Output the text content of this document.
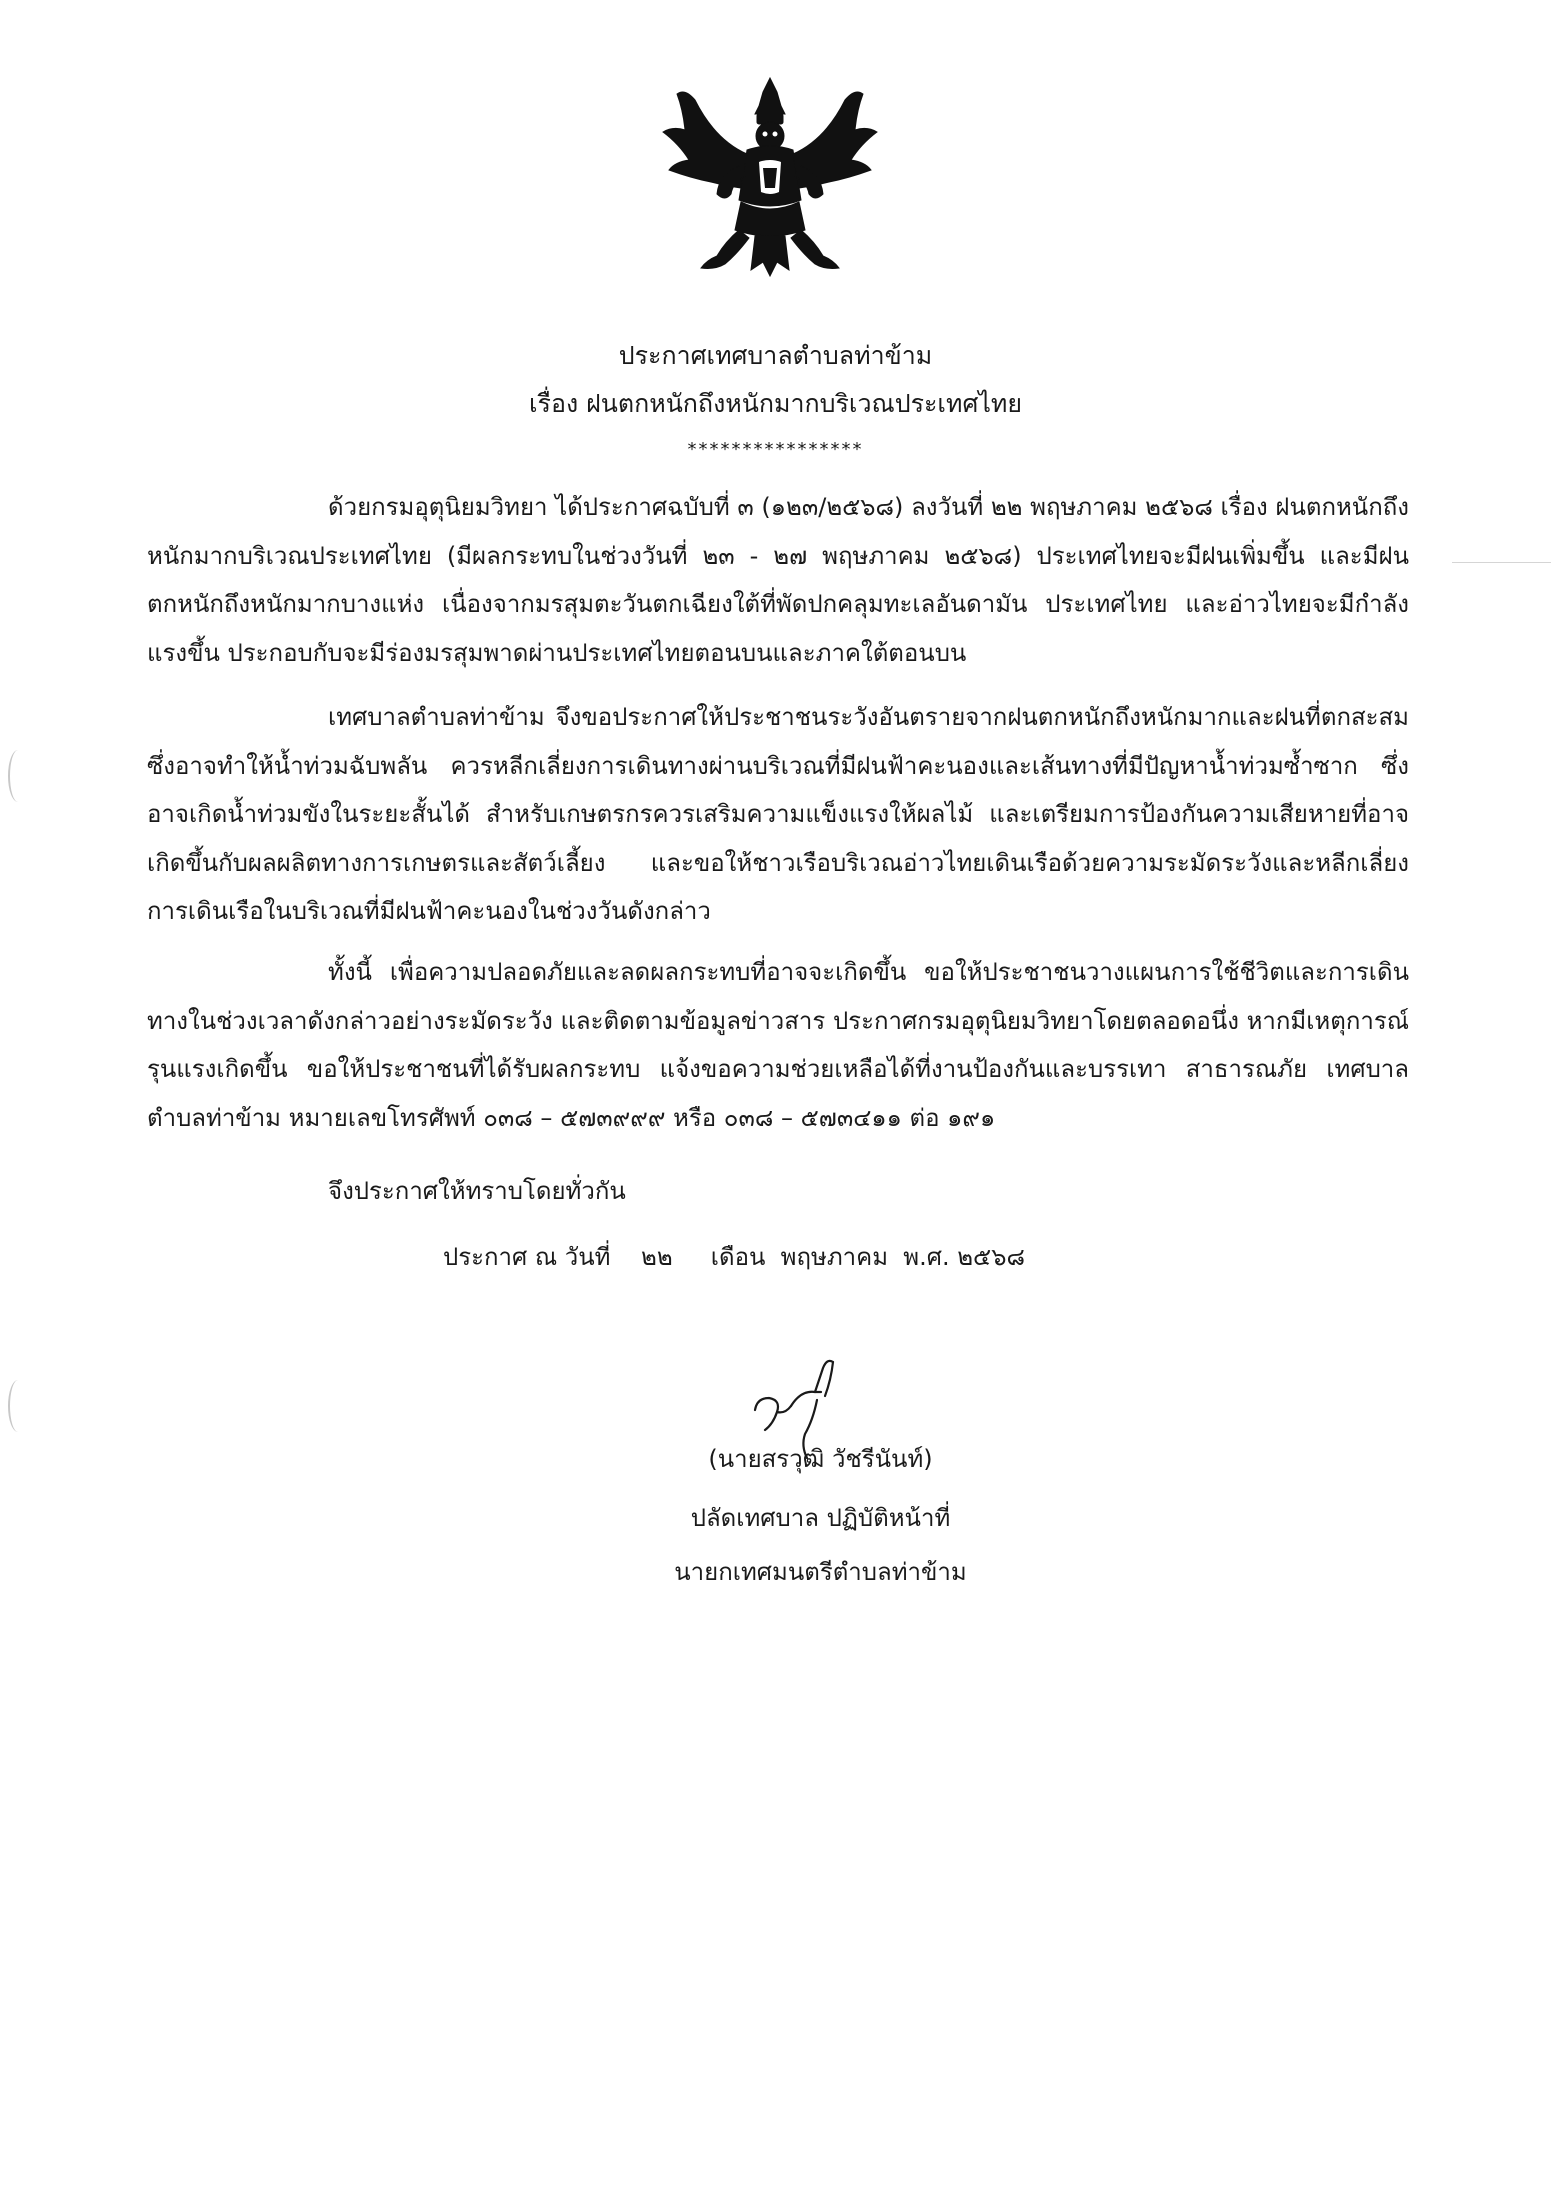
ประกาศเทศบาลตำบลท่าข้าม
เรื่อง ฝนตกหนักถึงหนักมากบริเวณประเทศไทย
****************

ด้วยกรมอุตุนิยมวิทยา ได้ประกาศฉบับที่ ๓ (๑๒๓/๒๕๖๘) ลงวันที่ ๒๒ พฤษภาคม ๒๕๖๘ เรื่อง ฝนตกหนักถึงหนักมากบริเวณประเทศไทย (มีผลกระทบในช่วงวันที่ ๒๓ - ๒๗ พฤษภาคม ๒๕๖๘) ประเทศไทยจะมีฝนเพิ่มขึ้น และมีฝนตกหนักถึงหนักมากบางแห่ง เนื่องจากมรสุมตะวันตกเฉียงใต้ที่พัดปกคลุมทะเลอันดามัน ประเทศไทย และอ่าวไทยจะมีกำลังแรงขึ้น ประกอบกับจะมีร่องมรสุมพาดผ่านประเทศไทยตอนบนและภาคใต้ตอนบน

เทศบาลตำบลท่าข้าม จึงขอประกาศให้ประชาชนระวังอันตรายจากฝนตกหนักถึงหนักมากและฝนที่ตกสะสม ซึ่งอาจทำให้น้ำท่วมฉับพลัน ควรหลีกเลี่ยงการเดินทางผ่านบริเวณที่มีฝนฟ้าคะนองและเส้นทางที่มีปัญหาน้ำท่วมซ้ำซาก ซึ่งอาจเกิดน้ำท่วมขังในระยะสั้นได้ สำหรับเกษตรกรควรเสริมความแข็งแรงให้ผลไม้ และเตรียมการป้องกันความเสียหายที่อาจเกิดขึ้นกับผลผลิตทางการเกษตรและสัตว์เลี้ยง และขอให้ชาวเรือบริเวณอ่าวไทยเดินเรือด้วยความระมัดระวังและหลีกเลี่ยงการเดินเรือในบริเวณที่มีฝนฟ้าคะนองในช่วงวันดังกล่าว

ทั้งนี้ เพื่อความปลอดภัยและลดผลกระทบที่อาจจะเกิดขึ้น ขอให้ประชาชนวางแผนการใช้ชีวิตและการเดินทางในช่วงเวลาดังกล่าวอย่างระมัดระวัง และติดตามข้อมูลข่าวสาร ประกาศกรมอุตุนิยมวิทยาโดยตลอดอนึ่ง หากมีเหตุการณ์รุนแรงเกิดขึ้น ขอให้ประชาชนที่ได้รับผลกระทบ แจ้งขอความช่วยเหลือได้ที่งานป้องกันและบรรเทา สาธารณภัย เทศบาลตำบลท่าข้าม หมายเลขโทรศัพท์ ๐๓๘ – ๕๗๓๙๙๙ หรือ ๐๓๘ – ๕๗๓๔๑๑ ต่อ ๑๙๑

จึงประกาศให้ทราบโดยทั่วกัน
ประกาศ ณ วันที่ ๒๒ เดือน พฤษภาคม พ.ศ. ๒๕๖๘
(นายสรวุฒิ วัชรีนันท์)
ปลัดเทศบาล ปฏิบัติหน้าที่
นายกเทศมนตรีตำบลท่าข้าม
